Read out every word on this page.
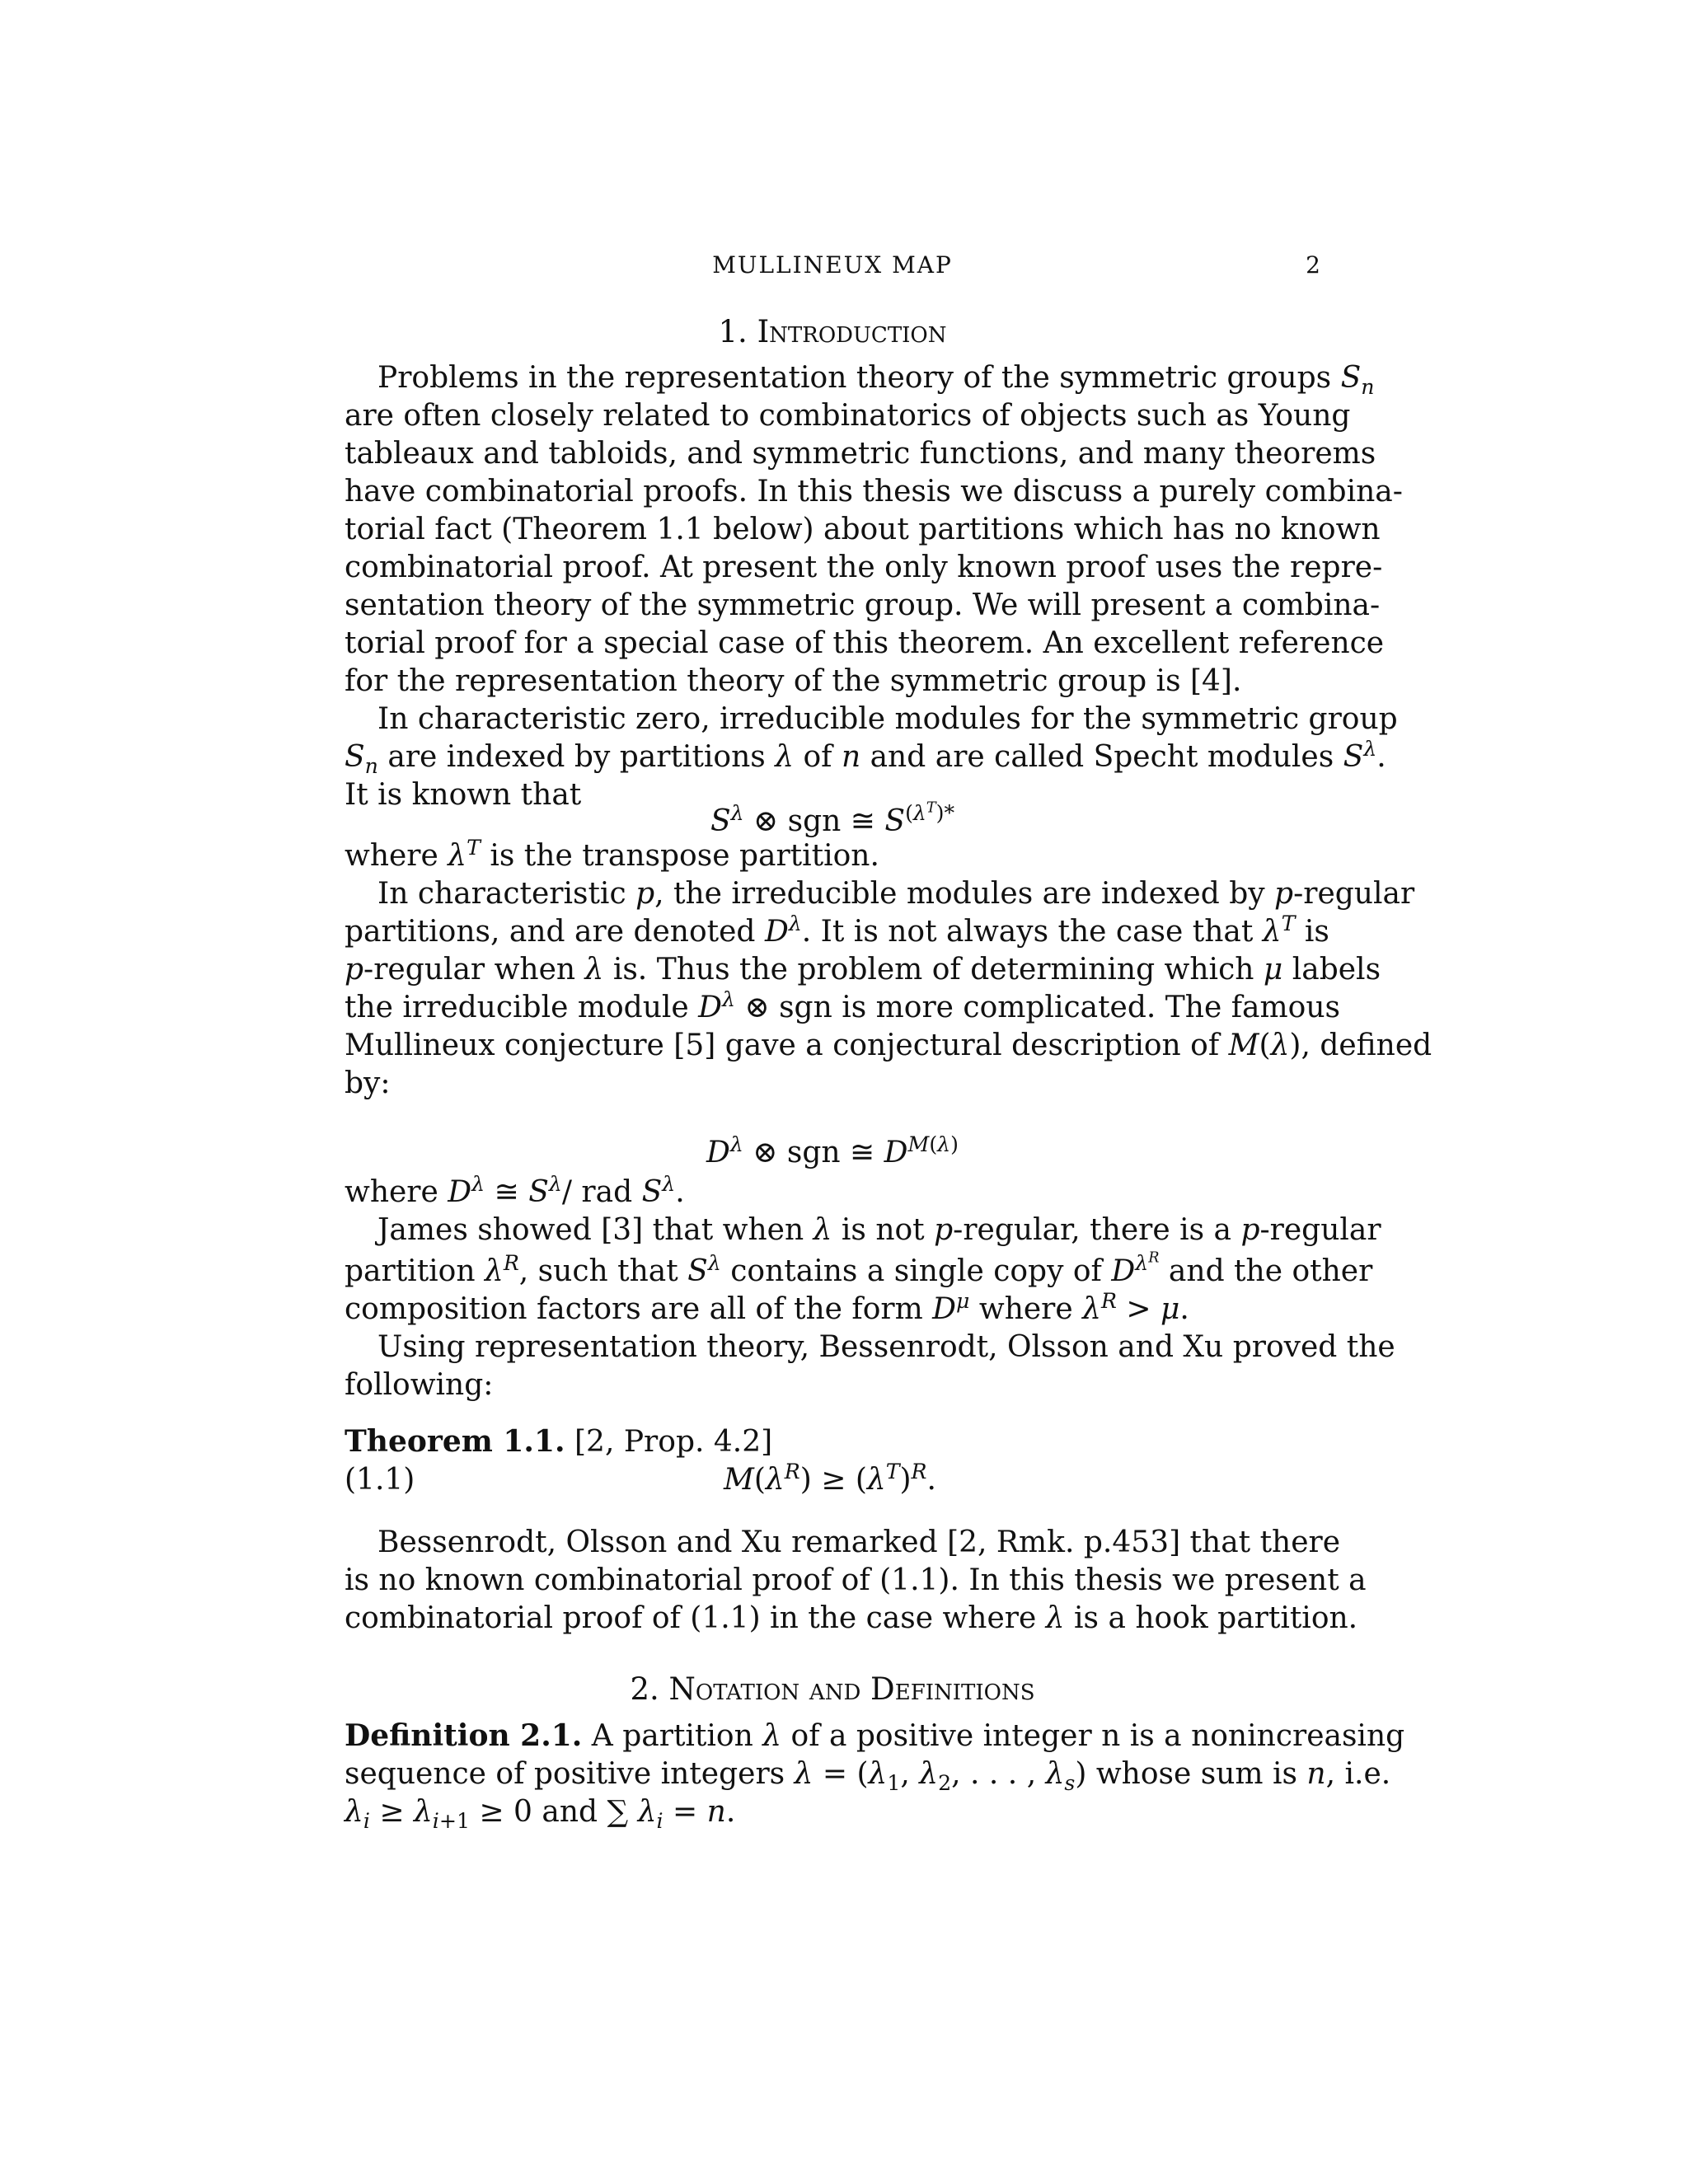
MULLINEUX MAP	2
1. Introduction
Problems in the representation theory of the symmetric groups $S_n$
are often closely related to combinatorics of objects such as Young
tableaux and tabloids, and symmetric functions, and many theorems
have combinatorial proofs. In this thesis we discuss a purely combina-
torial fact (Theorem 1.1 below) about partitions which has no known
combinatorial proof. At present the only known proof uses the repre-
sentation theory of the symmetric group. We will present a combina-
torial proof for a special case of this theorem. An excellent reference
for the representation theory of the symmetric group is [4].
In characteristic zero, irreducible modules for the symmetric group
$S_n$ are indexed by partitions λ of n and are called Specht modules $S^\lambda$.
It is known that
$S^\lambda$ ⊗ sgn ≅ $S^{(\lambda^T)*}$
where $\lambda^T$ is the transpose partition.
In characteristic p, the irreducible modules are indexed by p-regular
partitions, and are denoted $D^\lambda$. It is not always the case that $\lambda^T$ is
p-regular when λ is. Thus the problem of determining which μ labels
the irreducible module $D^\lambda$ ⊗ sgn is more complicated. The famous
Mullineux conjecture [5] gave a conjectural description of M(λ), defined
by:
$D^\lambda$ ⊗ sgn ≅ $D^{M(\lambda)}$
where $D^\lambda$ ≅ $S^\lambda/$ rad $S^\lambda$.
James showed [3] that when λ is not p-regular, there is a p-regular
partition $\lambda^R$, such that $S^\lambda$ contains a single copy of $D^{\lambda^R}$ and the other
composition factors are all of the form $D^\mu$ where $\lambda^R > \mu$.
Using representation theory, Bessenrodt, Olsson and Xu proved the
following:
Theorem 1.1. [2, Prop. 4.2]
(1.1)	$M(\lambda^R) \ge (\lambda^T)^R$.
Bessenrodt, Olsson and Xu remarked [2, Rmk. p.453] that there
is no known combinatorial proof of (1.1). In this thesis we present a
combinatorial proof of (1.1) in the case where λ is a hook partition.
2. Notation and Definitions
Definition 2.1. A partition λ of a positive integer n is a nonincreasing
sequence of positive integers $\lambda = (\lambda_1$, $\lambda_2$, . . . , $\lambda_s$) whose sum is n, i.e.
$\lambda_i \ge \lambda_{i+1} \ge 0$ and ∑ $\lambda_i = n$.
